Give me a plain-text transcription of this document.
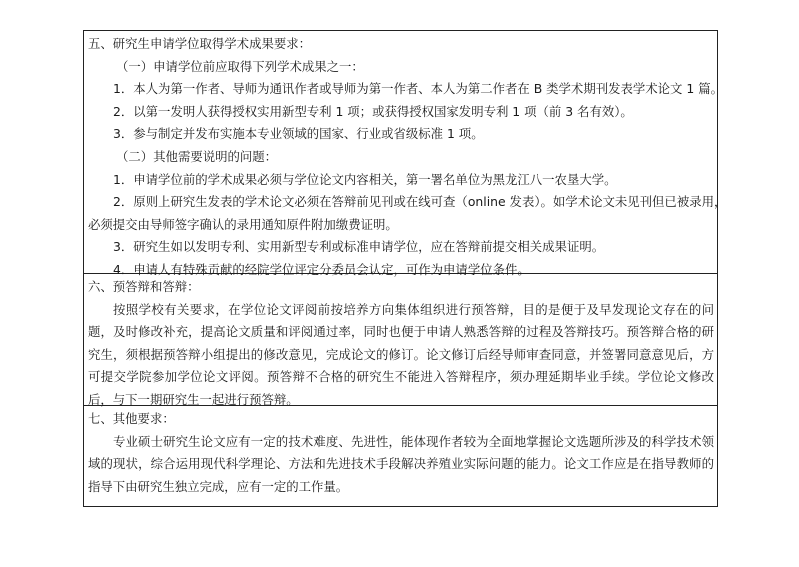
五、研究生申请学位取得学术成果要求：
（一）申请学位前应取得下列学术成果之一：
1．本人为第一作者、导师为通讯作者或导师为第一作者、本人为第二作者在 B 类学术期刊发表学术论文 1 篇。
2．以第一发明人获得授权实用新型专利 1 项；或获得授权国家发明专利 1 项（前 3 名有效）。
3．参与制定并发布实施本专业领域的国家、行业或省级标准 1 项。
（二）其他需要说明的问题：
1．申请学位前的学术成果必须与学位论文内容相关，第一署名单位为黑龙江八一农垦大学。
2．原则上研究生发表的学术论文必须在答辩前见刊或在线可查（online 发表）。如学术论文未见刊但已被录用，
必须提交由导师签字确认的录用通知原件附加缴费证明。
3．研究生如以发明专利、实用新型专利或标准申请学位，应在答辩前提交相关成果证明。
4．申请人有特殊贡献的经院学位评定分委员会认定，可作为申请学位条件。
六、预答辩和答辩：
按照学校有关要求，在学位论文评阅前按培养方向集体组织进行预答辩，目的是便于及早发现论文存在的问题，及时修改补充，提高论文质量和评阅通过率，同时也便于申请人熟悉答辩的过程及答辩技巧。预答辩合格的研究生，须根据预答辩小组提出的修改意见，完成论文的修订。论文修订后经导师审查同意，并签署同意意见后，方可提交学院参加学位论文评阅。预答辩不合格的研究生不能进入答辩程序，须办理延期毕业手续。学位论文修改后，与下一期研究生一起进行预答辩。
七、其他要求：
专业硕士研究生论文应有一定的技术难度、先进性，能体现作者较为全面地掌握论文选题所涉及的科学技术领域的现状，综合运用现代科学理论、方法和先进技术手段解决养殖业实际问题的能力。论文工作应是在指导教师的指导下由研究生独立完成，应有一定的工作量。
